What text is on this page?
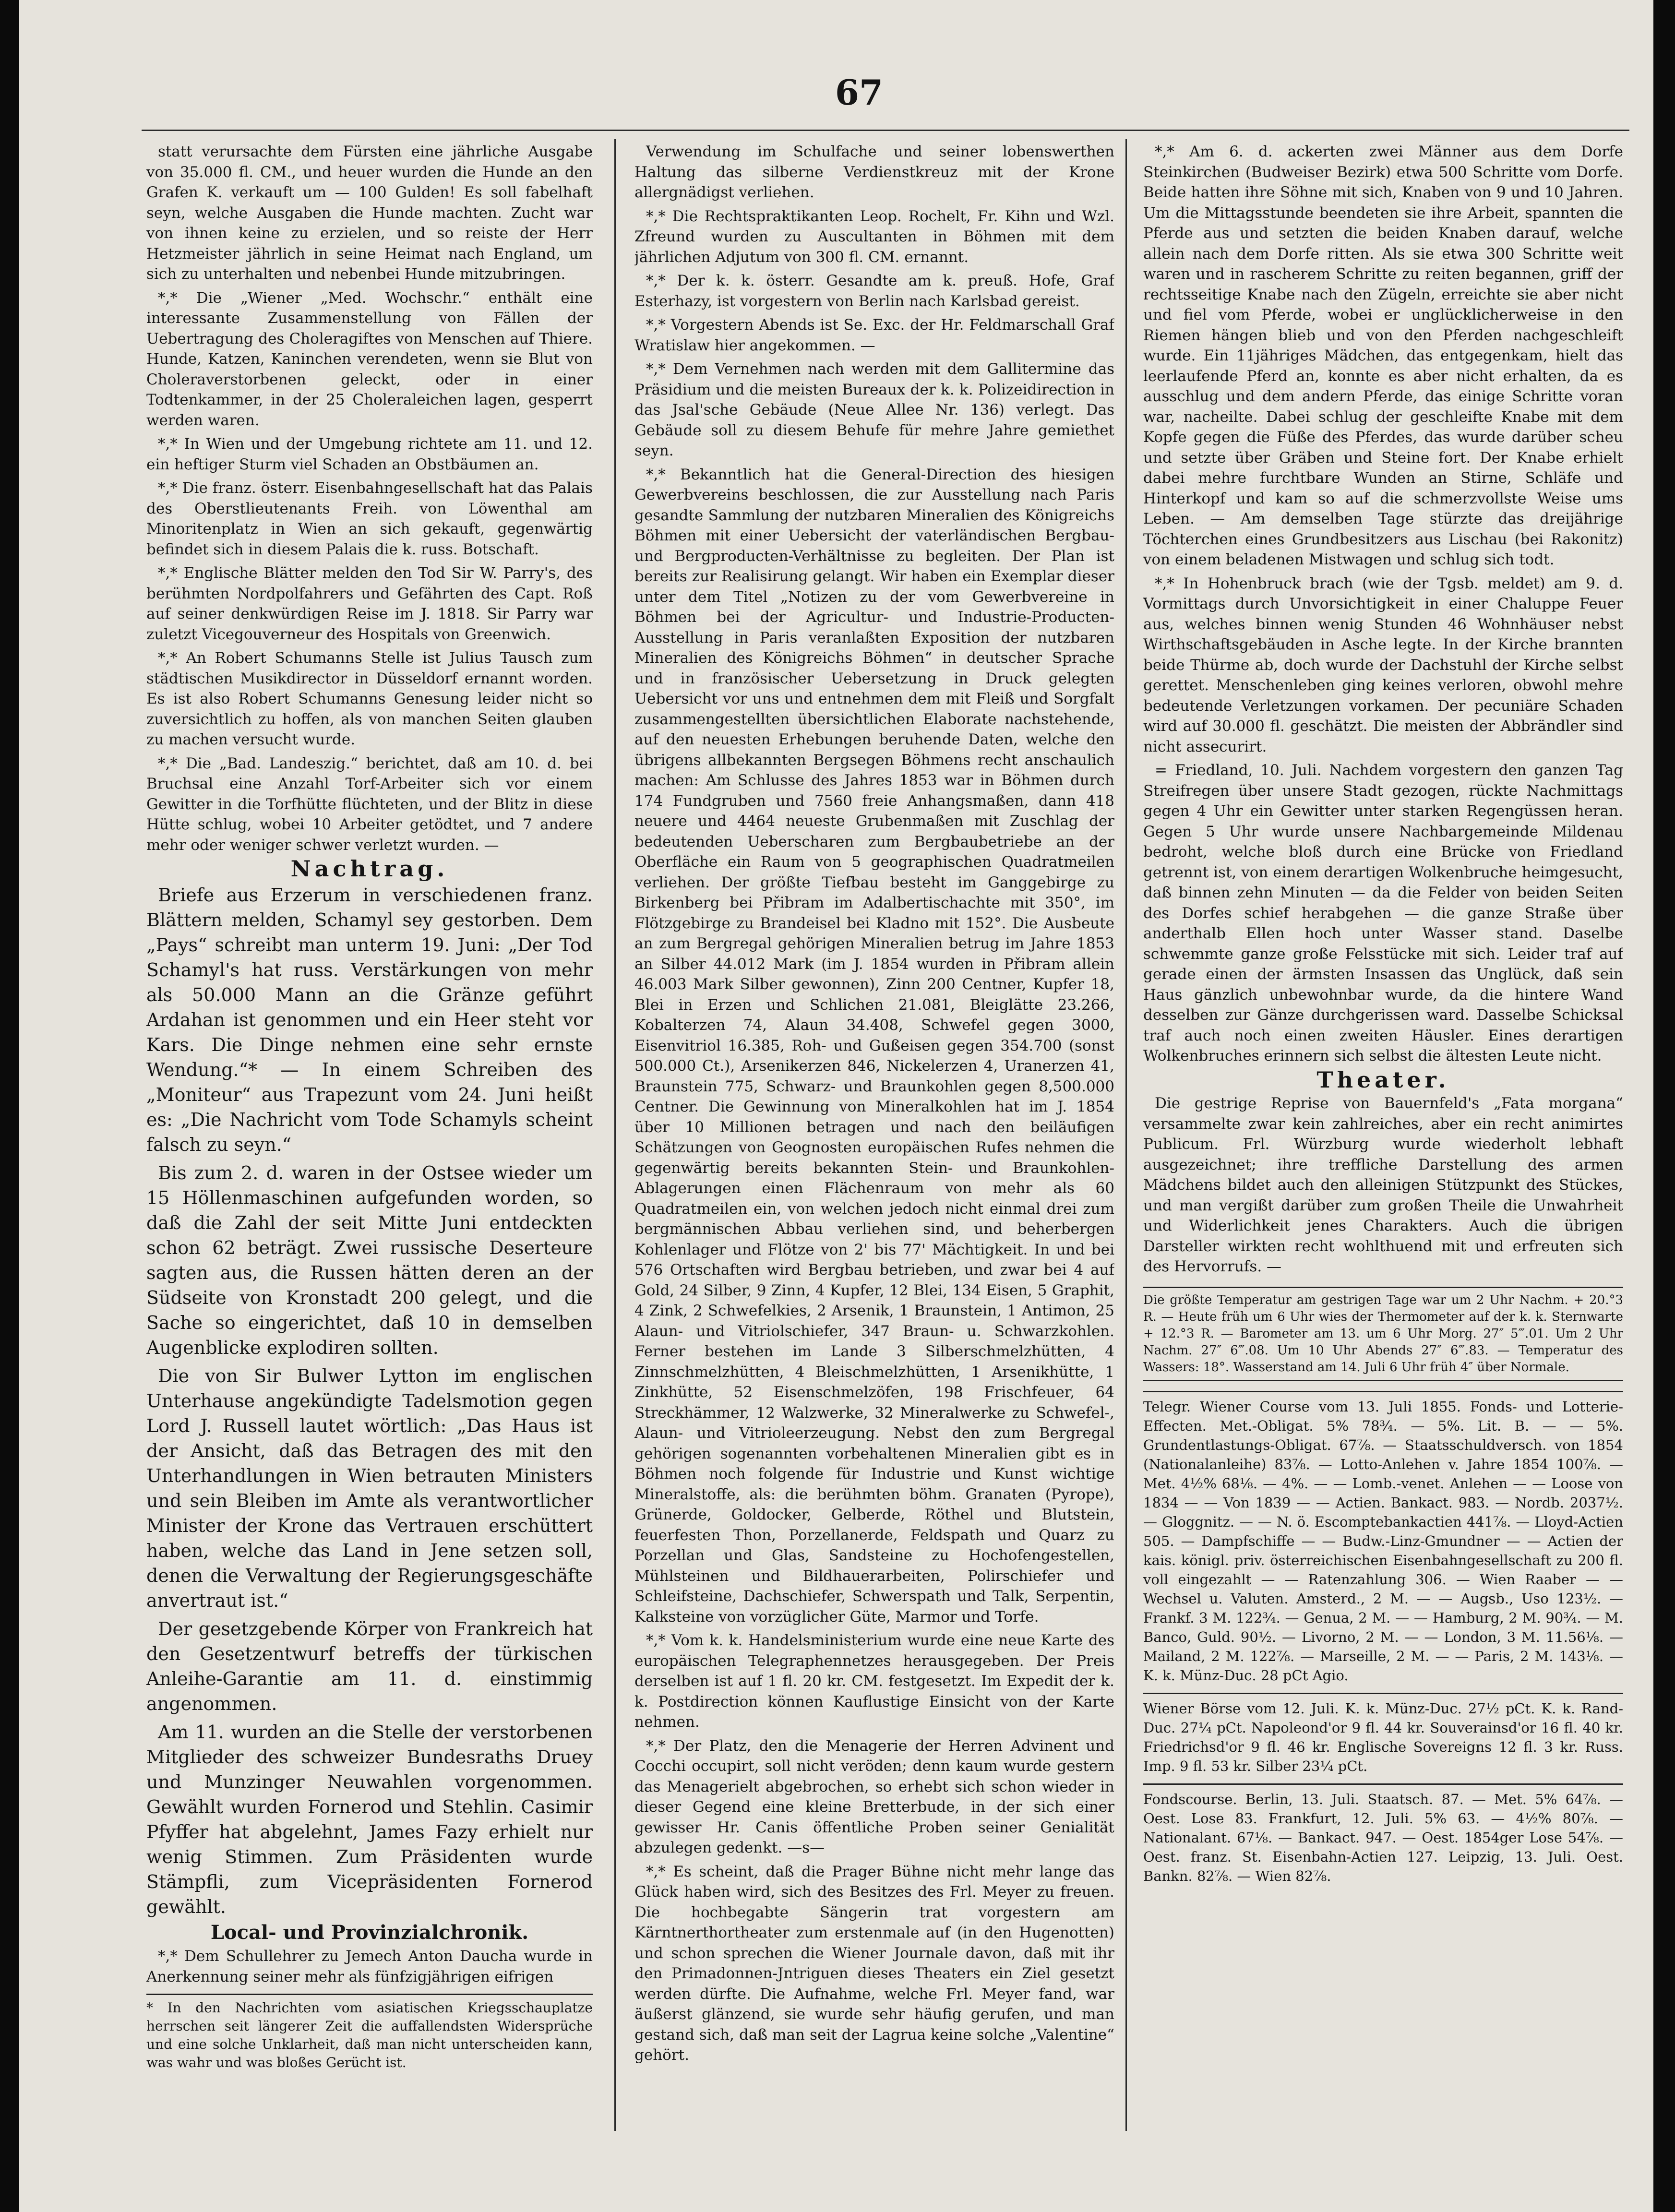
67

statt verursachte dem Fürsten eine jährliche Ausgabe von 35.000 fl. CM., und heuer wurden die Hunde an den Grafen K. verkauft um — 100 Gulden! Es soll fabelhaft seyn, welche Ausgaben die Hunde machten. Zucht war von ihnen keine zu erzielen, und so reiste der Herr Hetzmeister jährlich in seine Heimat nach England, um sich zu unterhalten und nebenbei Hunde mitzubringen.

*,* Die „Wiener „Med. Wochschr.“ enthält eine interessante Zusammenstellung von Fällen der Uebertragung des Choleragiftes von Menschen auf Thiere. Hunde, Katzen, Kaninchen verendeten, wenn sie Blut von Choleraverstorbenen geleckt, oder in einer Todtenkammer, in der 25 Choleraleichen lagen, gesperrt werden waren.

*,* In Wien und der Umgebung richtete am 11. und 12. ein heftiger Sturm viel Schaden an Obstbäumen an.

*,* Die franz. österr. Eisenbahngesellschaft hat das Palais des Oberstlieutenants Freih. von Löwenthal am Minoritenplatz in Wien an sich gekauft, gegenwärtig befindet sich in diesem Palais die k. russ. Botschaft.

*,* Englische Blätter melden den Tod Sir W. Parry's, des berühmten Nordpolfahrers und Gefährten des Capt. Roß auf seiner denkwürdigen Reise im J. 1818. Sir Parry war zuletzt Vicegouverneur des Hospitals von Greenwich.

*,* An Robert Schumanns Stelle ist Julius Tausch zum städtischen Musikdirector in Düsseldorf ernannt worden. Es ist also Robert Schumanns Genesung leider nicht so zuversichtlich zu hoffen, als von manchen Seiten glauben zu machen versucht wurde.

*,* Die „Bad. Landeszig.“ berichtet, daß am 10. d. bei Bruchsal eine Anzahl Torf-Arbeiter sich vor einem Gewitter in die Torfhütte flüchteten, und der Blitz in diese Hütte schlug, wobei 10 Arbeiter getödtet, und 7 andere mehr oder weniger schwer verletzt wurden. —

Nachtrag.

Briefe aus Erzerum in verschiedenen franz. Blättern melden, Schamyl sey gestorben. Dem „Pays“ schreibt man unterm 19. Juni: „Der Tod Schamyl's hat russ. Verstärkungen von mehr als 50.000 Mann an die Gränze geführt Ardahan ist genommen und ein Heer steht vor Kars. Die Dinge nehmen eine sehr ernste Wendung.“* — In einem Schreiben des „Moniteur“ aus Trapezunt vom 24. Juni heißt es: „Die Nachricht vom Tode Schamyls scheint falsch zu seyn.“

Bis zum 2. d. waren in der Ostsee wieder um 15 Höllenmaschinen aufgefunden worden, so daß die Zahl der seit Mitte Juni entdeckten schon 62 beträgt. Zwei russische Deserteure sagten aus, die Russen hätten deren an der Südseite von Kronstadt 200 gelegt, und die Sache so eingerichtet, daß 10 in demselben Augenblicke explodiren sollten.

Die von Sir Bulwer Lytton im englischen Unterhause angekündigte Tadelsmotion gegen Lord J. Russell lautet wörtlich: „Das Haus ist der Ansicht, daß das Betragen des mit den Unterhandlungen in Wien betrauten Ministers und sein Bleiben im Amte als verantwortlicher Minister der Krone das Vertrauen erschüttert haben, welche das Land in Jene setzen soll, denen die Verwaltung der Regierungsgeschäfte anvertraut ist.“

Der gesetzgebende Körper von Frankreich hat den Gesetzentwurf betreffs der türkischen Anleihe-Garantie am 11. d. einstimmig angenommen.

Am 11. wurden an die Stelle der verstorbenen Mitglieder des schweizer Bundesraths Druey und Munzinger Neuwahlen vorgenommen. Gewählt wurden Fornerod und Stehlin. Casimir Pfyffer hat abgelehnt, James Fazy erhielt nur wenig Stimmen. Zum Präsidenten wurde Stämpfli, zum Vicepräsidenten Fornerod gewählt.

Local- und Provinzialchronik.

*,* Dem Schullehrer zu Jemech Anton Daucha wurde in Anerkennung seiner mehr als fünfzigjährigen eifrigen

* In den Nachrichten vom asiatischen Kriegsschauplatze herrschen seit längerer Zeit die auffallendsten Widersprüche und eine solche Unklarheit, daß man nicht unterscheiden kann, was wahr und was bloßes Gerücht ist.

Verwendung im Schulfache und seiner lobenswerthen Haltung das silberne Verdienstkreuz mit der Krone allergnädigst verliehen.

*,* Die Rechtspraktikanten Leop. Rochelt, Fr. Kihn und Wzl. Zfreund wurden zu Auscultanten in Böhmen mit dem jährlichen Adjutum von 300 fl. CM. ernannt.

*,* Der k. k. österr. Gesandte am k. preuß. Hofe, Graf Esterhazy, ist vorgestern von Berlin nach Karlsbad gereist.

*,* Vorgestern Abends ist Se. Exc. der Hr. Feldmarschall Graf Wratislaw hier angekommen. —

*,* Dem Vernehmen nach werden mit dem Gallitermine das Präsidium und die meisten Bureaux der k. k. Polizeidirection in das Jsal'sche Gebäude (Neue Allee Nr. 136) verlegt. Das Gebäude soll zu diesem Behufe für mehre Jahre gemiethet seyn.

*,* Bekanntlich hat die General-Direction des hiesigen Gewerbvereins beschlossen, die zur Ausstellung nach Paris gesandte Sammlung der nutzbaren Mineralien des Königreichs Böhmen mit einer Uebersicht der vaterländischen Bergbau- und Bergproducten-Verhältnisse zu begleiten. Der Plan ist bereits zur Realisirung gelangt. Wir haben ein Exemplar dieser unter dem Titel „Notizen zu der vom Gewerbvereine in Böhmen bei der Agricultur- und Industrie-Producten-Ausstellung in Paris veranlaßten Exposition der nutzbaren Mineralien des Königreichs Böhmen“ in deutscher Sprache und in französischer Uebersetzung in Druck gelegten Uebersicht vor uns und entnehmen dem mit Fleiß und Sorgfalt zusammengestellten übersichtlichen Elaborate nachstehende, auf den neuesten Erhebungen beruhende Daten, welche den übrigens allbekannten Bergsegen Böhmens recht anschaulich machen: Am Schlusse des Jahres 1853 war in Böhmen durch 174 Fundgruben und 7560 freie Anhangsmaßen, dann 418 neuere und 4464 neueste Grubenmaßen mit Zuschlag der bedeutenden Ueberscharen zum Bergbaubetriebe an der Oberfläche ein Raum von 5 geographischen Quadratmeilen verliehen. Der größte Tiefbau besteht im Ganggebirge zu Birkenberg bei Přibram im Adalbertischachte mit 350°, im Flötzgebirge zu Brandeisel bei Kladno mit 152°. Die Ausbeute an zum Bergregal gehörigen Mineralien betrug im Jahre 1853 an Silber 44.012 Mark (im J. 1854 wurden in Přibram allein 46.003 Mark Silber gewonnen), Zinn 200 Centner, Kupfer 18, Blei in Erzen und Schlichen 21.081, Bleiglätte 23.266, Kobalterzen 74, Alaun 34.408, Schwefel gegen 3000, Eisenvitriol 16.385, Roh- und Gußeisen gegen 354.700 (sonst 500.000 Ct.), Arsenikerzen 846, Nickelerzen 4, Uranerzen 41, Braunstein 775, Schwarz- und Braunkohlen gegen 8,500.000 Centner. Die Gewinnung von Mineralkohlen hat im J. 1854 über 10 Millionen betragen und nach den beiläufigen Schätzungen von Geognosten europäischen Rufes nehmen die gegenwärtig bereits bekannten Stein- und Braunkohlen-Ablagerungen einen Flächenraum von mehr als 60 Quadratmeilen ein, von welchen jedoch nicht einmal drei zum bergmännischen Abbau verliehen sind, und beherbergen Kohlenlager und Flötze von 2' bis 77' Mächtigkeit. In und bei 576 Ortschaften wird Bergbau betrieben, und zwar bei 4 auf Gold, 24 Silber, 9 Zinn, 4 Kupfer, 12 Blei, 134 Eisen, 5 Graphit, 4 Zink, 2 Schwefelkies, 2 Arsenik, 1 Braunstein, 1 Antimon, 25 Alaun- und Vitriolschiefer, 347 Braun- u. Schwarzkohlen. Ferner bestehen im Lande 3 Silberschmelzhütten, 4 Zinnschmelzhütten, 4 Bleischmelzhütten, 1 Arsenikhütte, 1 Zinkhütte, 52 Eisenschmelzöfen, 198 Frischfeuer, 64 Streckhämmer, 12 Walzwerke, 32 Mineralwerke zu Schwefel-, Alaun- und Vitrioleerzeugung. Nebst den zum Bergregal gehörigen sogenannten vorbehaltenen Mineralien gibt es in Böhmen noch folgende für Industrie und Kunst wichtige Mineralstoffe, als: die berühmten böhm. Granaten (Pyrope), Grünerde, Goldocker, Gelberde, Röthel und Blutstein, feuerfesten Thon, Porzellanerde, Feldspath und Quarz zu Porzellan und Glas, Sandsteine zu Hochofengestellen, Mühlsteinen und Bildhauerarbeiten, Polirschiefer und Schleifsteine, Dachschiefer, Schwerspath und Talk, Serpentin, Kalksteine von vorzüglicher Güte, Marmor und Torfe.

*,* Vom k. k. Handelsministerium wurde eine neue Karte des europäischen Telegraphennetzes herausgegeben. Der Preis derselben ist auf 1 fl. 20 kr. CM. festgesetzt. Im Expedit der k. k. Postdirection können Kauflustige Einsicht von der Karte nehmen.

*,* Der Platz, den die Menagerie der Herren Advinent und Cocchi occupirt, soll nicht veröden; denn kaum wurde gestern das Menagerielt abgebrochen, so erhebt sich schon wieder in dieser Gegend eine kleine Bretterbude, in der sich einer gewisser Hr. Canis öffentliche Proben seiner Genialität abzulegen gedenkt. —s—

*,* Es scheint, daß die Prager Bühne nicht mehr lange das Glück haben wird, sich des Besitzes des Frl. Meyer zu freuen. Die hochbegabte Sängerin trat vorgestern am Kärntnerthortheater zum erstenmale auf (in den Hugenotten) und schon sprechen die Wiener Journale davon, daß mit ihr den Primadonnen-Jntriguen dieses Theaters ein Ziel gesetzt werden dürfte. Die Aufnahme, welche Frl. Meyer fand, war äußerst glänzend, sie wurde sehr häufig gerufen, und man gestand sich, daß man seit der Lagrua keine solche „Valentine“ gehört.

*,* Am 6. d. ackerten zwei Männer aus dem Dorfe Steinkirchen (Budweiser Bezirk) etwa 500 Schritte vom Dorfe. Beide hatten ihre Söhne mit sich, Knaben von 9 und 10 Jahren. Um die Mittagsstunde beendeten sie ihre Arbeit, spannten die Pferde aus und setzten die beiden Knaben darauf, welche allein nach dem Dorfe ritten. Als sie etwa 300 Schritte weit waren und in rascherem Schritte zu reiten begannen, griff der rechtsseitige Knabe nach den Zügeln, erreichte sie aber nicht und fiel vom Pferde, wobei er unglücklicherweise in den Riemen hängen blieb und von den Pferden nachgeschleift wurde. Ein 11jähriges Mädchen, das entgegenkam, hielt das leerlaufende Pferd an, konnte es aber nicht erhalten, da es ausschlug und dem andern Pferde, das einige Schritte voran war, nacheilte. Dabei schlug der geschleifte Knabe mit dem Kopfe gegen die Füße des Pferdes, das wurde darüber scheu und setzte über Gräben und Steine fort. Der Knabe erhielt dabei mehre furchtbare Wunden an Stirne, Schläfe und Hinterkopf und kam so auf die schmerzvollste Weise ums Leben. — Am demselben Tage stürzte das dreijährige Töchterchen eines Grundbesitzers aus Lischau (bei Rakonitz) von einem beladenen Mistwagen und schlug sich todt.

*,* In Hohenbruck brach (wie der Tgsb. meldet) am 9. d. Vormittags durch Unvorsichtigkeit in einer Chaluppe Feuer aus, welches binnen wenig Stunden 46 Wohnhäuser nebst Wirthschaftsgebäuden in Asche legte. In der Kirche brannten beide Thürme ab, doch wurde der Dachstuhl der Kirche selbst gerettet. Menschenleben ging keines verloren, obwohl mehre bedeutende Verletzungen vorkamen. Der pecuniäre Schaden wird auf 30.000 fl. geschätzt. Die meisten der Abbrändler sind nicht assecurirt.

= Friedland, 10. Juli. Nachdem vorgestern den ganzen Tag Streifregen über unsere Stadt gezogen, rückte Nachmittags gegen 4 Uhr ein Gewitter unter starken Regengüssen heran. Gegen 5 Uhr wurde unsere Nachbargemeinde Mildenau bedroht, welche bloß durch eine Brücke von Friedland getrennt ist, von einem derartigen Wolkenbruche heimgesucht, daß binnen zehn Minuten — da die Felder von beiden Seiten des Dorfes schief herabgehen — die ganze Straße über anderthalb Ellen hoch unter Wasser stand. Daselbe schwemmte ganze große Felsstücke mit sich. Leider traf auf gerade einen der ärmsten Insassen das Unglück, daß sein Haus gänzlich unbewohnbar wurde, da die hintere Wand desselben zur Gänze durchgerissen ward. Dasselbe Schicksal traf auch noch einen zweiten Häusler. Eines derartigen Wolkenbruches erinnern sich selbst die ältesten Leute nicht.

Theater.

Die gestrige Reprise von Bauernfeld's „Fata morgana“ versammelte zwar kein zahlreiches, aber ein recht animirtes Publicum. Frl. Würzburg wurde wiederholt lebhaft ausgezeichnet; ihre treffliche Darstellung des armen Mädchens bildet auch den alleinigen Stützpunkt des Stückes, und man vergißt darüber zum großen Theile die Unwahrheit und Widerlichkeit jenes Charakters. Auch die übrigen Darsteller wirkten recht wohlthuend mit und erfreuten sich des Hervorrufs. —

Die größte Temperatur am gestrigen Tage war um 2 Uhr Nachm. + 20.°3 R. — Heute früh um 6 Uhr wies der Thermometer auf der k. k. Sternwarte + 12.°3 R. — Barometer am 13. um 6 Uhr Morg. 27″ 5‴.01. Um 2 Uhr Nachm. 27″ 6‴.08. Um 10 Uhr Abends 27″ 6‴.83. — Temperatur des Wassers: 18°. Wasserstand am 14. Juli 6 Uhr früh 4″ über Normale.

Telegr. Wiener Course vom 13. Juli 1855. Fonds- und Lotterie-Effecten. Met.-Obligat. 5% 78¾. — 5%. Lit. B. — — 5%. Grundentlastungs-Obligat. 67⅞. — Staatsschuldversch. von 1854 (Nationalanleihe) 83⅞. — Lotto-Anlehen v. Jahre 1854 100⅞. — Met. 4½% 68⅛. — 4%. — — Lomb.-venet. Anlehen — — Loose von 1834 — — Von 1839 — — Actien. Bankact. 983. — Nordb. 2037½. — Gloggnitz. — — N. ö. Escomptebankactien 441⅞. — Lloyd-Actien 505. — Dampfschiffe — — Budw.-Linz-Gmundner — — Actien der kais. königl. priv. österreichischen Eisenbahngesellschaft zu 200 fl. voll eingezahlt — — Ratenzahlung 306. — Wien Raaber — — Wechsel u. Valuten. Amsterd., 2 M. — — Augsb., Uso 123½. — Frankf. 3 M. 122¾. — Genua, 2 M. — — Hamburg, 2 M. 90¾. — M. Banco, Guld. 90½. — Livorno, 2 M. — — London, 3 M. 11.56⅛. — Mailand, 2 M. 122⅞. — Marseille, 2 M. — — Paris, 2 M. 143⅛. — K. k. Münz-Duc. 28 pCt Agio.

Wiener Börse vom 12. Juli. K. k. Münz-Duc. 27½ pCt. K. k. Rand-Duc. 27¼ pCt. Napoleond'or 9 fl. 44 kr. Souverainsd'or 16 fl. 40 kr. Friedrichsd'or 9 fl. 46 kr. Englische Sovereigns 12 fl. 3 kr. Russ. Imp. 9 fl. 53 kr. Silber 23¼ pCt.

Fondscourse. Berlin, 13. Juli. Staatsch. 87. — Met. 5% 64⅞. — Oest. Lose 83. Frankfurt, 12. Juli. 5% 63. — 4½% 80⅞. — Nationalant. 67⅛. — Bankact. 947. — Oest. 1854ger Lose 54⅞. — Oest. franz. St. Eisenbahn-Actien 127. Leipzig, 13. Juli. Oest. Bankn. 82⅞. — Wien 82⅞.
